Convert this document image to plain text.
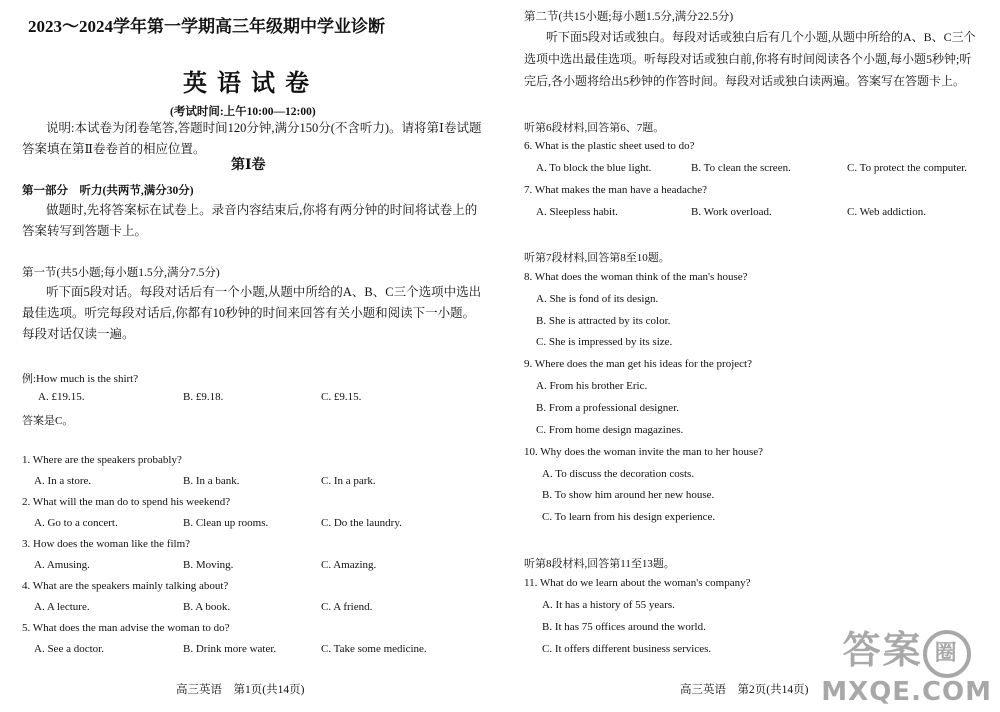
2023～2024学年第一学期高三年级期中学业诊断
英 语 试 卷
(考试时间:上午10:00—12:00)
说明:本试卷为闭卷笔答,答题时间120分钟,满分150分(不含听力)。请将第Ⅰ卷试题答案填在第Ⅱ卷卷首的相应位置。
第Ⅰ卷
第一部分　听力(共两节,满分30分)
做题时,先将答案标在试卷上。录音内容结束后,你将有两分钟的时间将试卷上的答案转写到答题卡上。
第一节(共5小题;每小题1.5分,满分7.5分)
听下面5段对话。每段对话后有一个小题,从题中所给的A、B、C三个选项中选出最佳选项。听完每段对话后,你都有10秒钟的时间来回答有关小题和阅读下一小题。每段对话仅读一遍。
例:How much is the shirt?
A. £19.15.	B. £9.18.	C. £9.15.
答案是C。
1. Where are the speakers probably?
A. In a store.	B. In a bank.	C. In a park.
2. What will the man do to spend his weekend?
A. Go to a concert.	B. Clean up rooms.	C. Do the laundry.
3. How does the woman like the film?
A. Amusing.	B. Moving.	C. Amazing.
4. What are the speakers mainly talking about?
A. A lecture.	B. A book.	C. A friend.
5. What does the man advise the woman to do?
A. See a doctor.	B. Drink more water.	C. Take some medicine.
高三英语　第1页(共14页)
第二节(共15小题;每小题1.5分,满分22.5分)
听下面5段对话或独白。每段对话或独白后有几个小题,从题中所给的A、B、C三个选项中选出最佳选项。听每段对话或独白前,你将有时间阅读各个小题,每小题5秒钟;听完后,各小题将给出5秒钟的作答时间。每段对话或独白读两遍。答案写在答题卡上。
听第6段材料,回答第6、7题。
6. What is the plastic sheet used to do?
A. To block the blue light.	B. To clean the screen.	C. To protect the computer.
7. What makes the man have a headache?
A. Sleepless habit.	B. Work overload.	C. Web addiction.
听第7段材料,回答第8至10题。
8. What does the woman think of the man's house?
A. She is fond of its design.
B. She is attracted by its color.
C. She is impressed by its size.
9. Where does the man get his ideas for the project?
A. From his brother Eric.
B. From a professional designer.
C. From home design magazines.
10. Why does the woman invite the man to her house?
A. To discuss the decoration costs.
B. To show him around her new house.
C. To learn from his design experience.
听第8段材料,回答第11至13题。
11. What do we learn about the woman's company?
A. It has a history of 55 years.
B. It has 75 offices around the world.
C. It offers different business services.
高三英语　第2页(共14页)
答案 圈
MXQE.COM
